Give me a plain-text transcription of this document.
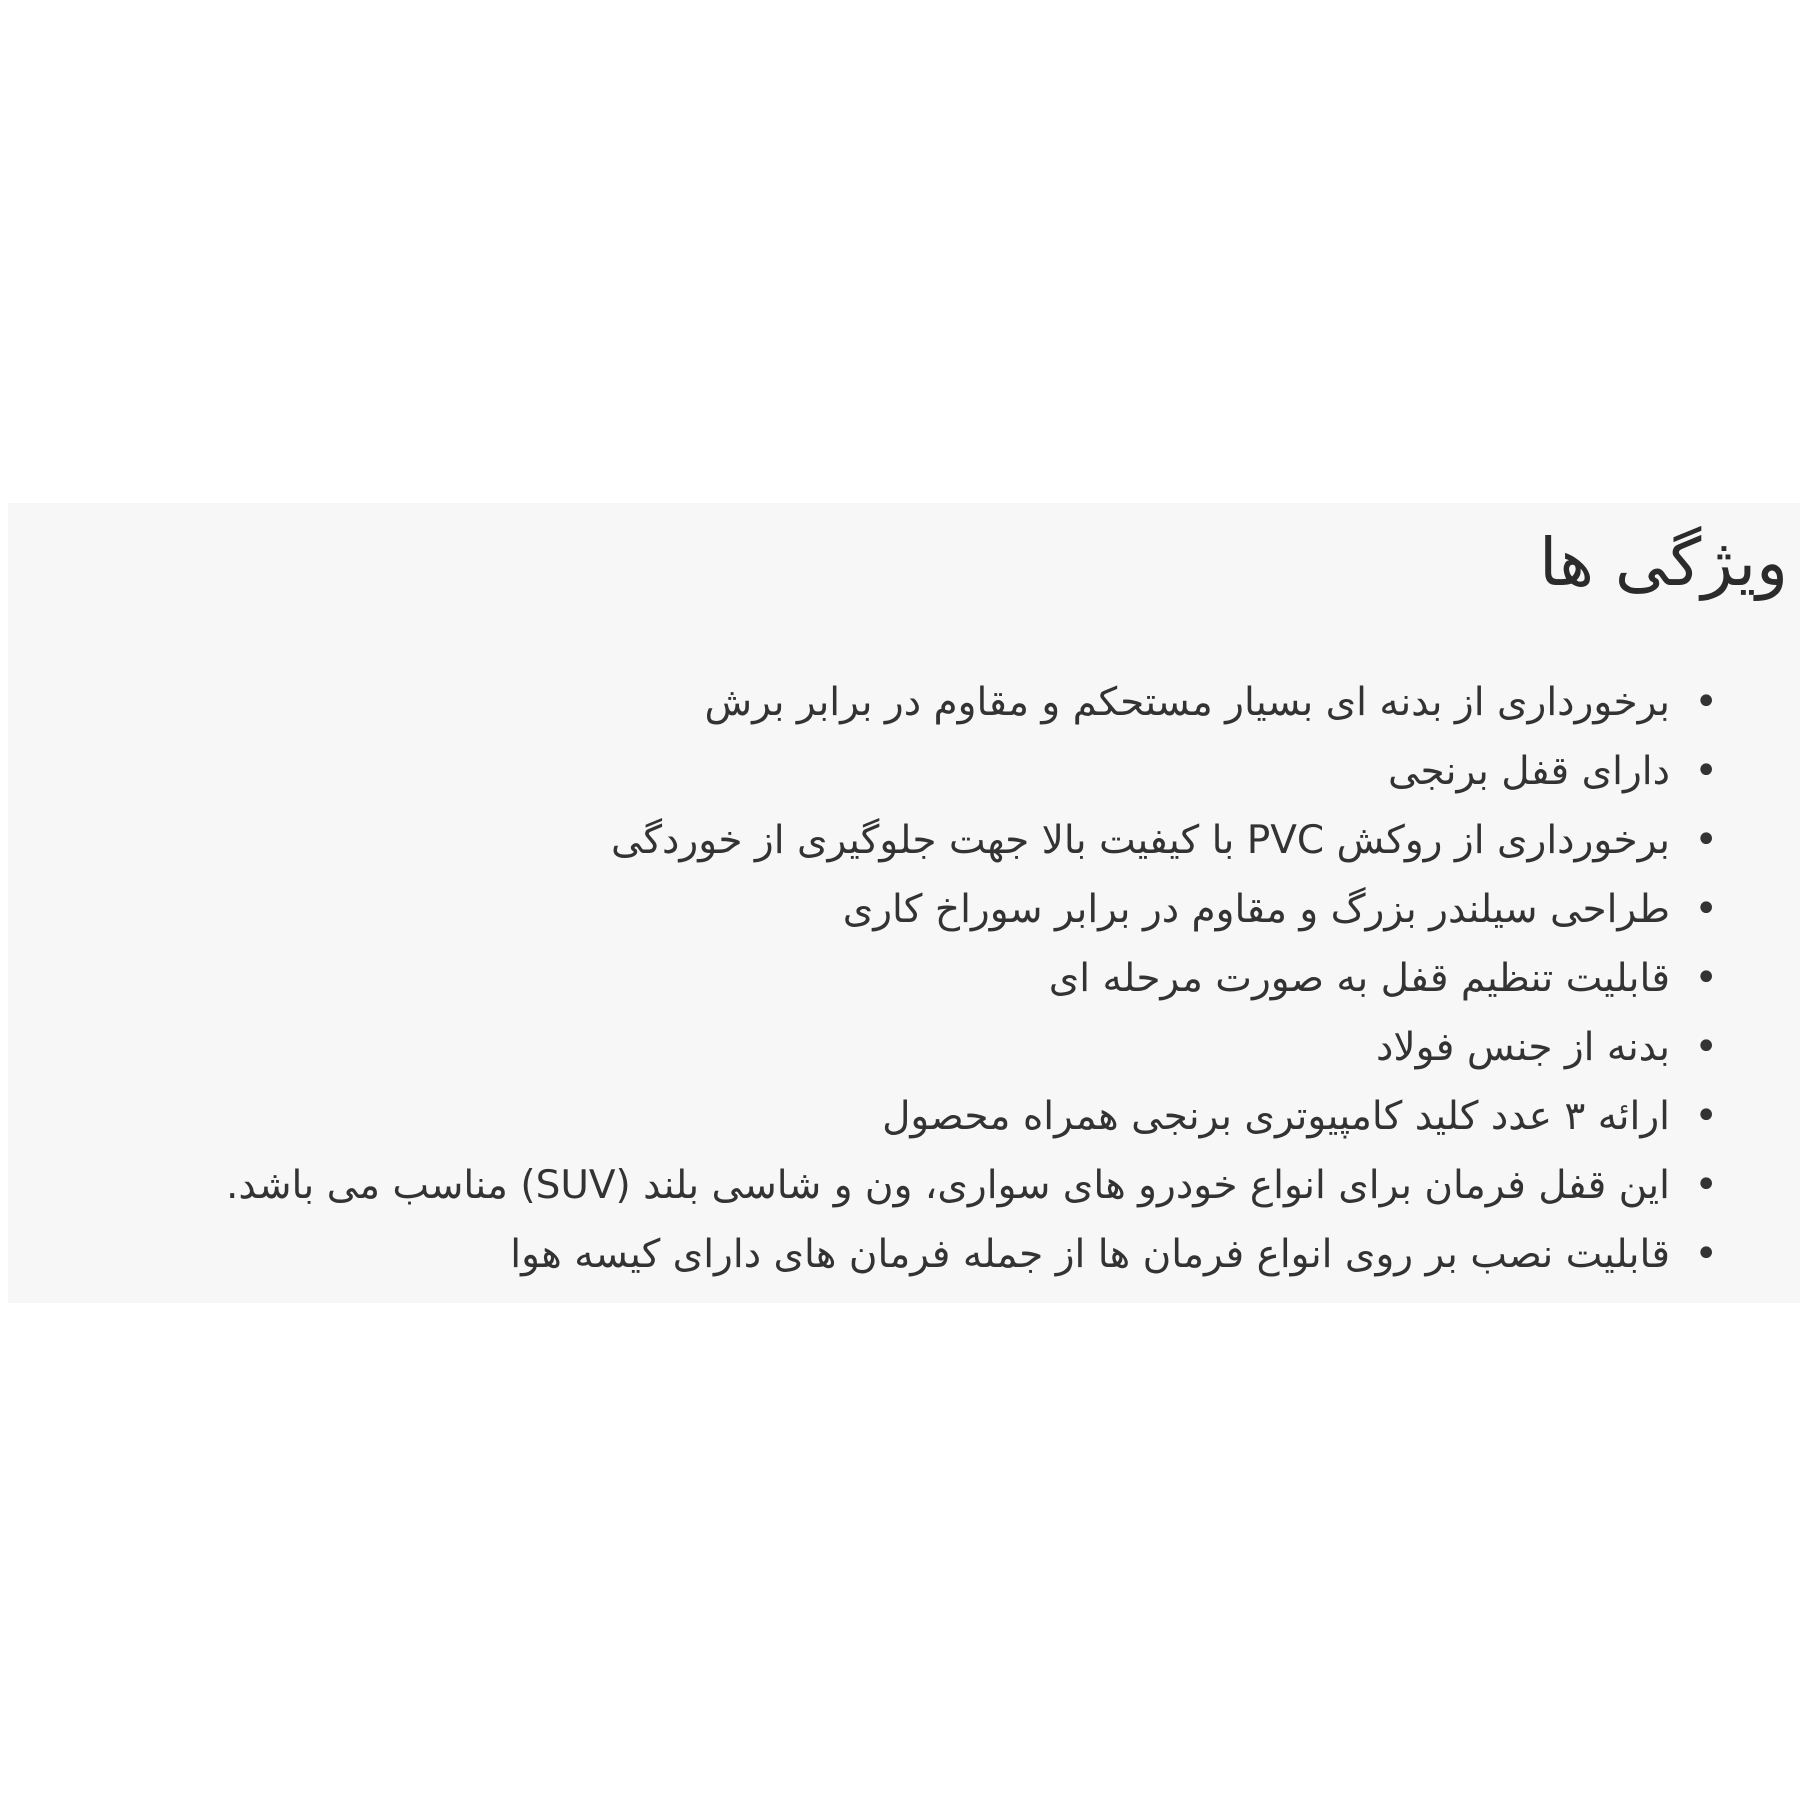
ویژگی ها
•
برخورداری از بدنه ای بسیار مستحکم و مقاوم در برابر برش
•
دارای قفل برنجی
•
برخورداری از روکش PVC با کیفیت بالا جهت جلوگیری از خوردگی
•
طراحی سیلندر بزرگ و مقاوم در برابر سوراخ کاری
•
قابلیت تنظیم قفل به صورت مرحله ای
•
بدنه از جنس فولاد
•
ارائه ۳ عدد کلید کامپیوتری برنجی همراه محصول
•
این قفل فرمان برای انواع خودرو های سواری، ون و شاسی بلند (SUV) مناسب می باشد.
•
قابلیت نصب بر روی انواع فرمان ها از جمله فرمان های دارای کیسه هوا
